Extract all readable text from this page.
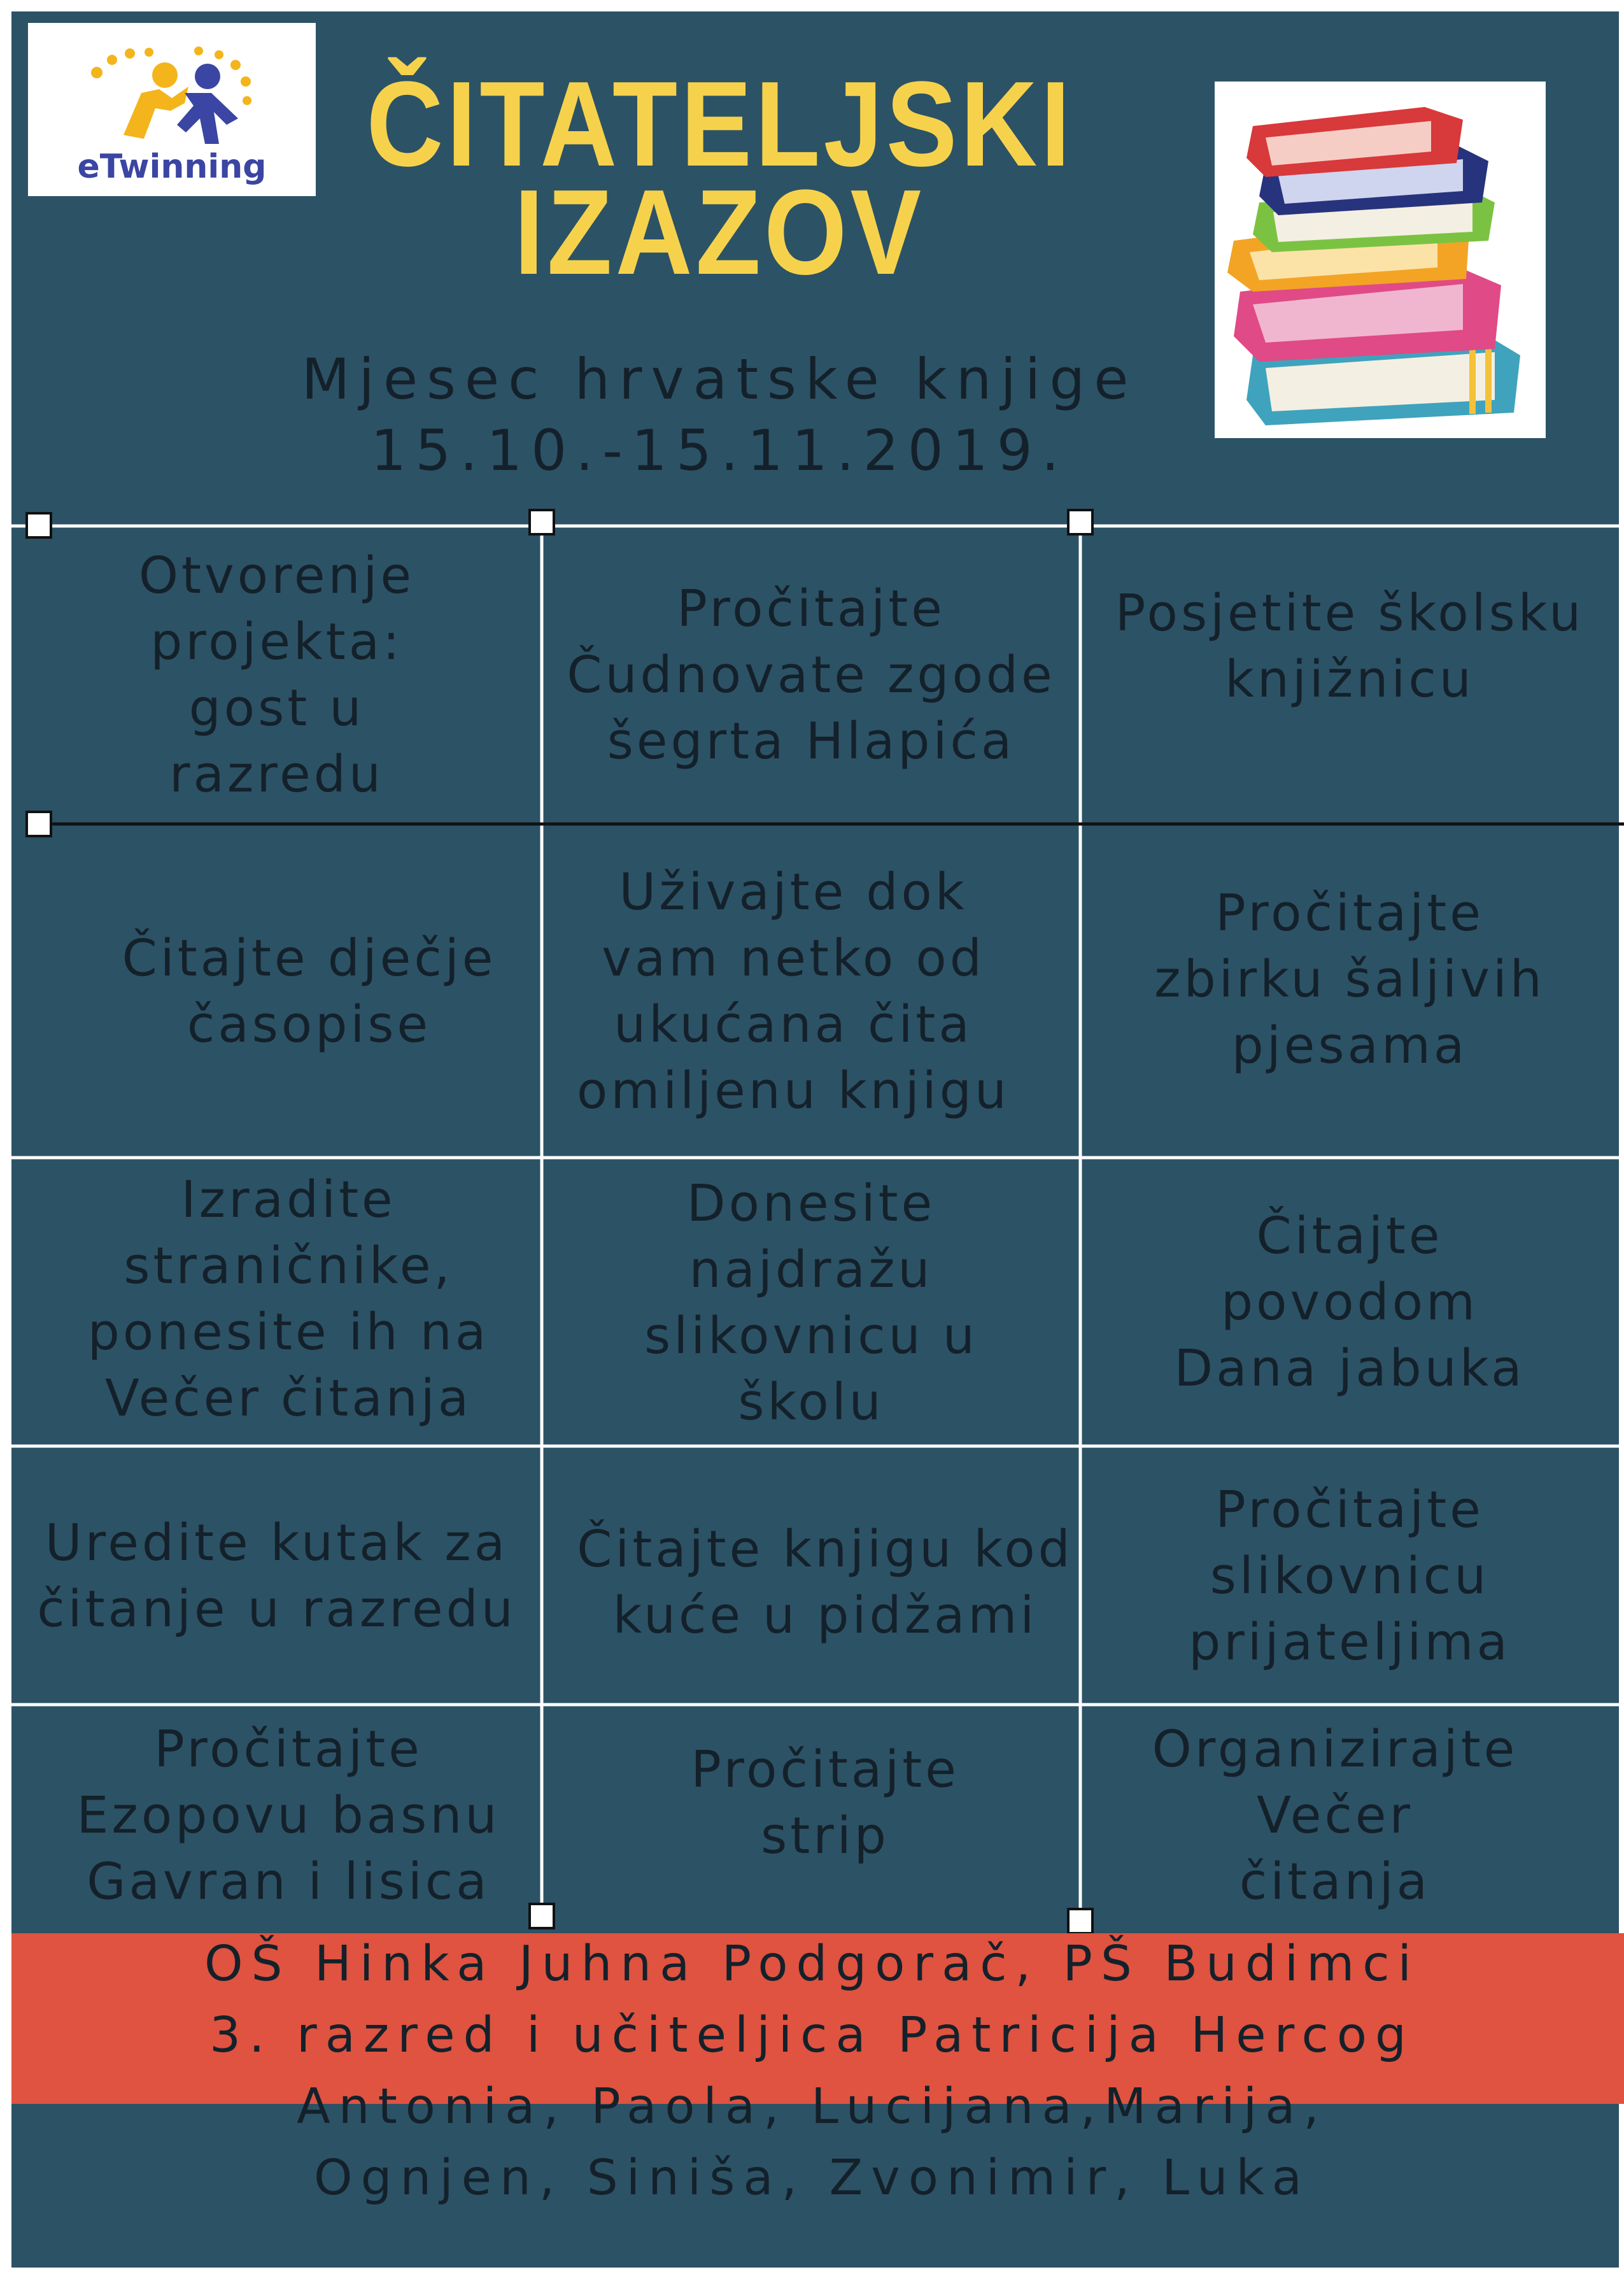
eTwinning ČITATELJSKI
IZAZOV
Mjesec hrvatske knjige
15.10.-15.11.2019.
Otvorenje
projekta:
gost u
razredu
Pročitajte
Čudnovate zgode
šegrta Hlapića
Posjetite školsku
knjižnicu
Čitajte dječje
časopise
Uživajte dok
vam netko od
ukućana čita
omiljenu knjigu
Pročitajte
zbirku šaljivih
pjesama
Izradite
straničnike,
ponesite ih na
Večer čitanja
Donesite
najdražu
slikovnicu u
školu
Čitajte
povodom
Dana jabuka
Uredite kutak za
čitanje u razredu
Čitajte knjigu kod
kuće u pidžami
Pročitajte
slikovnicu
prijateljima
Pročitajte
Ezopovu basnu
Gavran i lisica
Pročitajte
strip
Organizirajte
Večer
čitanja
OŠ Hinka Juhna Podgorač, PŠ Budimci
3. razred i učiteljica Patricija Hercog
Antonia, Paola, Lucijana,Marija,
Ognjen, Siniša, Zvonimir, Luka
